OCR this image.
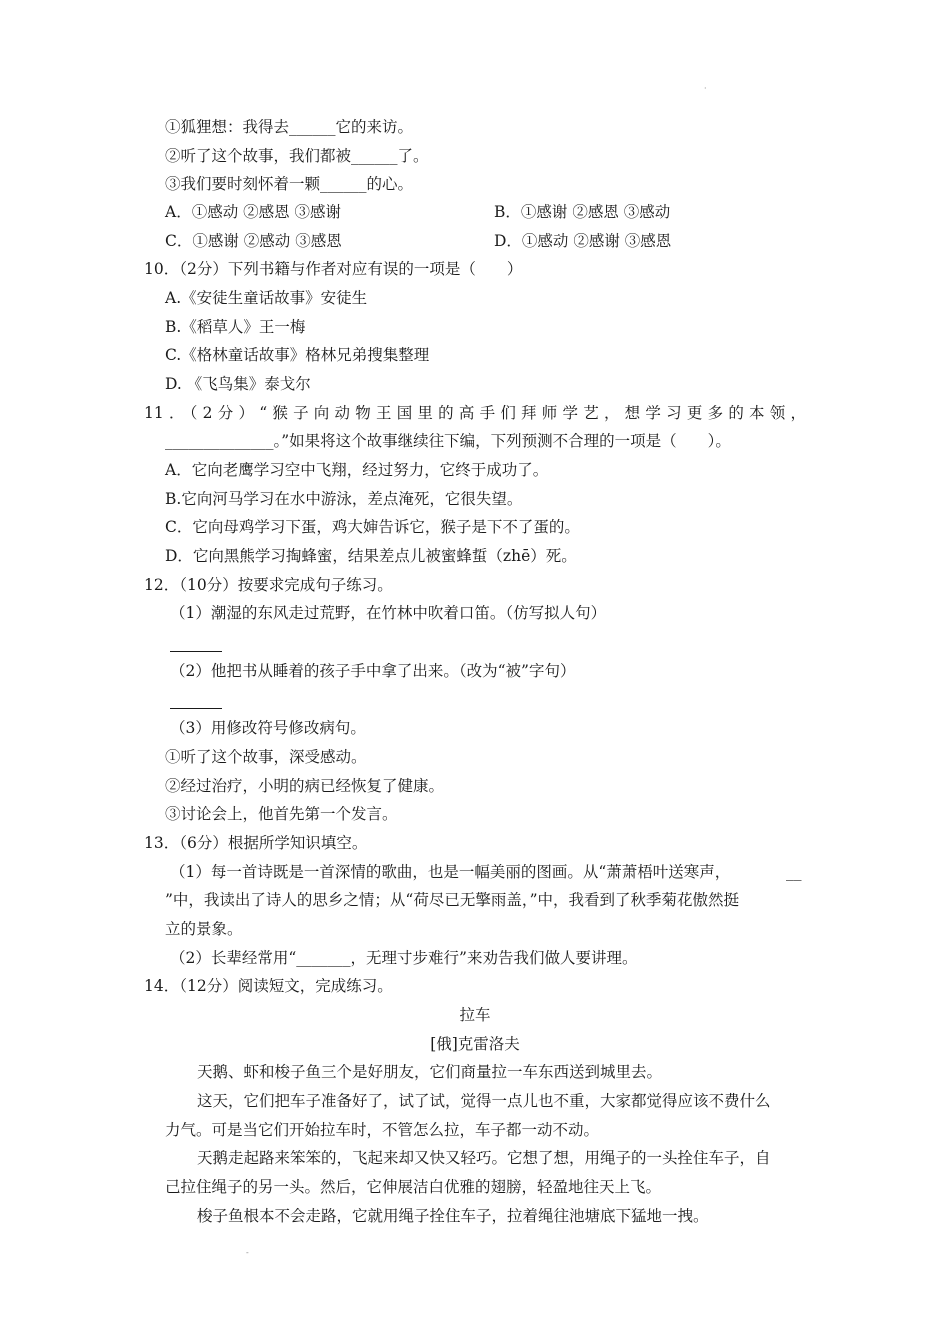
·
①狐狸想：我得去______它的来访。
②听了这个故事，我们都被______了。
③我们要时刻怀着一颗______的心。
A．①感动 ②感恩 ③感谢	B．①感谢 ②感恩 ③感动
C．①感谢 ②感动 ③感恩	D．①感动 ②感谢 ③感恩
10．（2分）下列书籍与作者对应有误的一项是（　　）
A.《安徒生童话故事》安徒生
B.《稻草人》王一梅
C.《格林童话故事》格林兄弟搜集整理
D. 《飞鸟集》泰戈尔
11．（2分）“猴子向动物王国里的高手们拜师学艺，想学习更多的本领，
______________。”如果将这个故事继续往下编，下列预测不合理的一项是（　　）。
A．它向老鹰学习空中飞翔，经过努力，它终于成功了。
B.它向河马学习在水中游泳，差点淹死，它很失望。
C．它向母鸡学习下蛋，鸡大婶告诉它，猴子是下不了蛋的。
D．它向黑熊学习掏蜂蜜，结果差点儿被蜜蜂蜇（zhē）死。
12．（10分）按要求完成句子练习。
（1）潮湿的东风走过荒野，在竹林中吹着口笛。（仿写拟人句）
（2）他把书从睡着的孩子手中拿了出来。（改为“被”字句）
（3）用修改符号修改病句。
①听了这个故事，深受感动。
②经过治疗，小明的病已经恢复了健康。
③讨论会上，他首先第一个发言。
13．（6分）根据所学知识填空。
（1）每一首诗既是一首深情的歌曲，也是一幅美丽的图画。从“萧萧梧叶送寒声，	__
”中，我读出了诗人的思乡之情；从“荷尽已无擎雨盖，”中，我看到了秋季菊花傲然挺
立的景象。
（2）长辈经常用“_______，无理寸步难行”来劝告我们做人要讲理。
14．（12分）阅读短文，完成练习。
拉车
[俄]克雷洛夫
天鹅、虾和梭子鱼三个是好朋友，它们商量拉一车东西送到城里去。
这天，它们把车子准备好了，试了试，觉得一点儿也不重，大家都觉得应该不费什么
力气。可是当它们开始拉车时，不管怎么拉，车子都一动不动。
天鹅走起路来笨笨的，飞起来却又快又轻巧。它想了想，用绳子的一头拴住车子，自
己拉住绳子的另一头。然后，它伸展洁白优雅的翅膀，轻盈地往天上飞。
梭子鱼根本不会走路，它就用绳子拴住车子，拉着绳往池塘底下猛地一拽。
-
